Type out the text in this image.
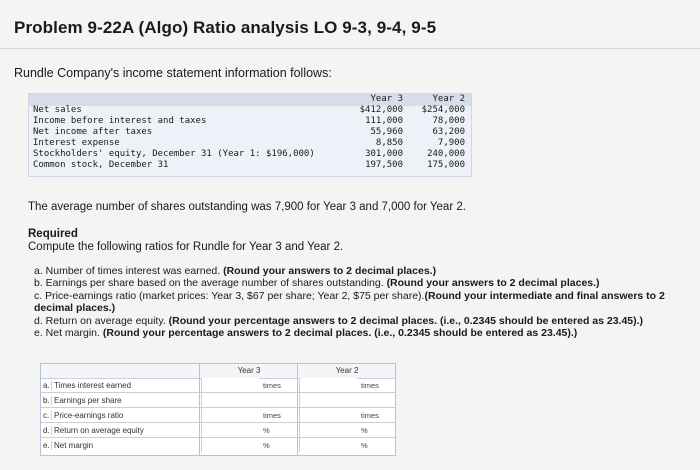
Problem 9-22A (Algo) Ratio analysis LO 9-3, 9-4, 9-5
Rundle Company's income statement information follows:
Year 3	Year 2
Net sales	$412,000	$254,000
Income before interest and taxes	111,000	78,000
Net income after taxes	55,960	63,200
Interest expense	8,850	7,900
Stockholders' equity, December 31 (Year 1: $196,000)	301,000	240,000
Common stock, December 31	197,500	175,000
The average number of shares outstanding was 7,900 for Year 3 and 7,000 for Year 2.
Required
Compute the following ratios for Rundle for Year 3 and Year 2.
a. Number of times interest was earned. (Round your answers to 2 decimal places.)
b. Earnings per share based on the average number of shares outstanding. (Round your answers to 2 decimal places.)
c. Price-earnings ratio (market prices: Year 3, $67 per share; Year 2, $75 per share).(Round your intermediate and final answers to 2 decimal places.)
d. Return on average equity. (Round your percentage answers to 2 decimal places. (i.e., 0.2345 should be entered as 23.45).)
e. Net margin. (Round your percentage answers to 2 decimal places. (i.e., 0.2345 should be entered as 23.45).)
Year 3	Year 2
a. Times interest earned	times	times
b. Earnings per share
c. Price-earnings ratio	times	times
d. Return on average equity	%	%
e. Net margin	%	%
